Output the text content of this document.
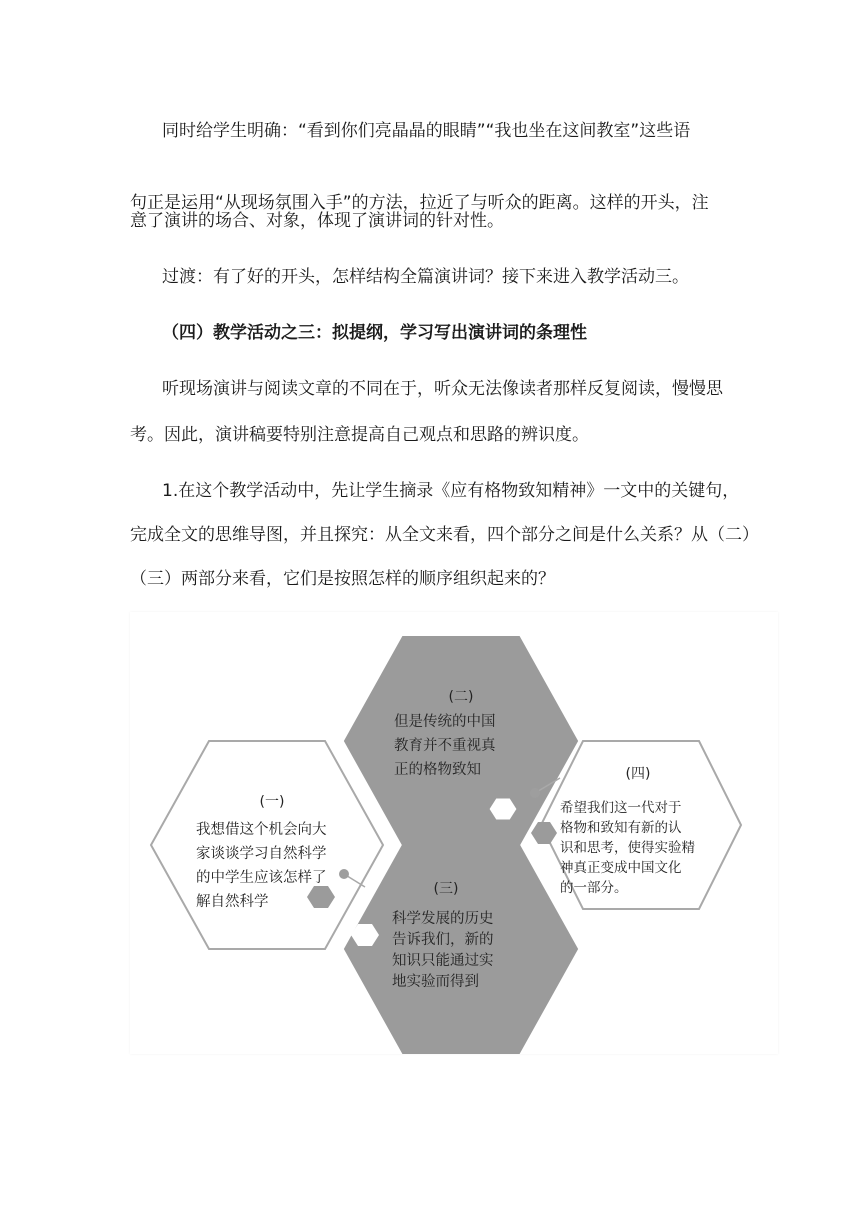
同时给学生明确：“看到你们亮晶晶的眼睛”“我也坐在这间教室”这些语

句正是运用“从现场氛围入手”的方法，拉近了与听众的距离。这样的开头，注

意了演讲的场合、对象，体现了演讲词的针对性。

过渡：有了好的开头，怎样结构全篇演讲词？接下来进入教学活动三。

（四）教学活动之三：拟提纲，学习写出演讲词的条理性

听现场演讲与阅读文章的不同在于，听众无法像读者那样反复阅读，慢慢思

考。因此，演讲稿要特别注意提高自己观点和思路的辨识度。

1.在这个教学活动中，先让学生摘录《应有格物致知精神》一文中的关键句，

完成全文的思维导图，并且探究：从全文来看，四个部分之间是什么关系？从（二）

（三）两部分来看，它们是按照怎样的顺序组织起来的？

(一)
我想借这个机会向大
家谈谈学习自然科学
的中学生应该怎样了
解自然科学
(二)
但是传统的中国
教育并不重视真
正的格物致知
(三)
科学发展的历史
告诉我们，新的
知识只能通过实
地实验而得到
(四)
希望我们这一代对于
格物和致知有新的认
识和思考，使得实验精
神真正变成中国文化
的一部分。
